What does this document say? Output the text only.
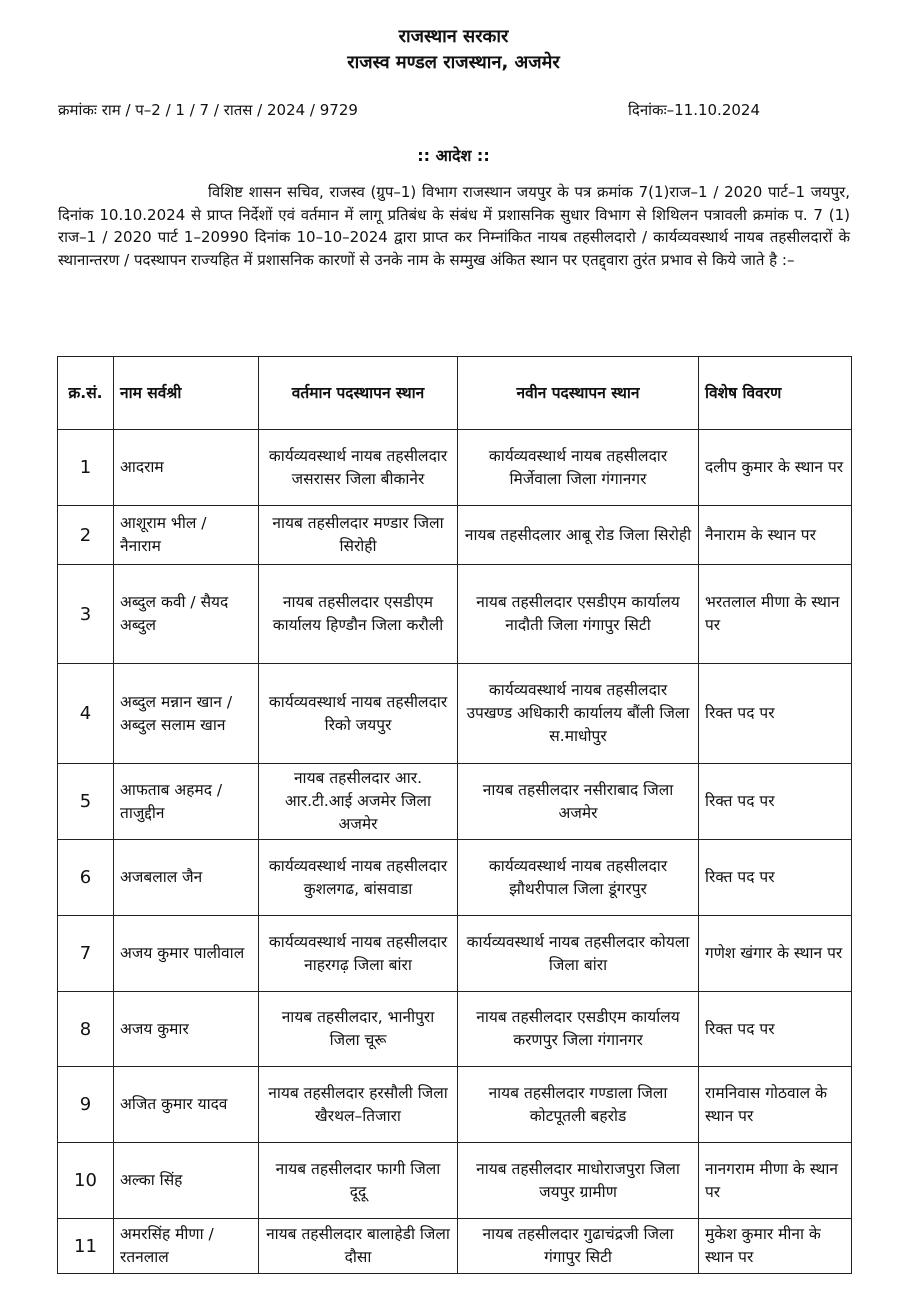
राजस्थान सरकार
राजस्व मण्डल राजस्थान, अजमेर
क्रमांकः राम / प–2 / 1 / 7 / रातस / 2024 / 9729	दिनांकः–11.10.2024
:: आदेश ::

विशिष्ट शासन सचिव, राजस्व (ग्रुप–1) विभाग राजस्थान जयपुर के पत्र क्रमांक 7(1)राज–1 / 2020 पार्ट–1 जयपुर, दिनांक 10.10.2024 से प्राप्त निर्देशों एवं वर्तमान में लागू प्रतिबंध के संबंध में प्रशासनिक सुधार विभाग से शिथिलन पत्रावली क्रमांक प. 7 (1) राज–1 / 2020 पार्ट 1–20990 दिनांक 10–10–2024 द्वारा प्राप्त कर निम्नांकित नायब तहसीलदारो / कार्यव्यवस्थार्थ नायब तहसीलदारों के स्थानान्तरण / पदस्थापन राज्यहित में प्रशासनिक कारणों से उनके नाम के सम्मुख अंकित स्थान पर एतद्द्वारा तुरंत प्रभाव से किये जाते है :–

क्र.सं.	नाम सर्वश्री	वर्तमान पदस्थापन स्थान	नवीन पदस्थापन स्थान	विशेष विवरण
1	आदराम	कार्यव्यवस्थार्थ नायब तहसीलदार जसरासर जिला बीकानेर	कार्यव्यवस्थार्थ नायब तहसीलदार मिर्जेवाला जिला गंगानगर	दलीप कुमार के स्थान पर
2	आशूराम भील / नैनाराम	नायब तहसीलदार मण्डार जिला सिरोही	नायब तहसीदलार आबू रोड जिला सिरोही	नैनाराम के स्थान पर
3	अब्दुल कवी / सैयद अब्दुल	नायब तहसीलदार एसडीएम कार्यालय हिण्डौन जिला करौली	नायब तहसीलदार एसडीएम कार्यालय नादौती जिला गंगापुर सिटी	भरतलाल मीणा के स्थान पर
4	अब्दुल मन्नान खान / अब्दुल सलाम खान	कार्यव्यवस्थार्थ नायब तहसीलदार रिको जयपुर	कार्यव्यवस्थार्थ नायब तहसीलदार उपखण्ड अधिकारी कार्यालय बौंली जिला स.माधोपुर	रिक्त पद पर
5	आफताब अहमद / ताजुद्दीन	नायब तहसीलदार आर. आर.टी.आई अजमेर जिला अजमेर	नायब तहसीलदार नसीराबाद जिला अजमेर	रिक्त पद पर
6	अजबलाल जैन	कार्यव्यवस्थार्थ नायब तहसीलदार कुशलगढ, बांसवाडा	कार्यव्यवस्थार्थ नायब तहसीलदार झौथरीपाल जिला डूंगरपुर	रिक्त पद पर
7	अजय कुमार पालीवाल	कार्यव्यवस्थार्थ नायब तहसीलदार नाहरगढ़ जिला बांरा	कार्यव्यवस्थार्थ नायब तहसीलदार कोयला जिला बांरा	गणेश खंगार के स्थान पर
8	अजय कुमार	नायब तहसीलदार, भानीपुरा जिला चूरू	नायब तहसीलदार एसडीएम कार्यालय करणपुर जिला गंगानगर	रिक्त पद पर
9	अजित कुमार यादव	नायब तहसीलदार हरसौली जिला खैरथल–तिजारा	नायब तहसीलदार गण्डाला जिला कोटपूतली बहरोड	रामनिवास गोठवाल के स्थान पर
10	अल्का सिंह	नायब तहसीलदार फागी जिला दूदू	नायब तहसीलदार माधोराजपुरा जिला जयपुर ग्रामीण	नानगराम मीणा के स्थान पर
11	अमरसिंह मीणा / रतनलाल	नायब तहसीलदार बालाहेडी जिला दौसा	नायब तहसीलदार गुढाचंद्रजी जिला गंगापुर सिटी	मुकेश कुमार मीना के स्थान पर
